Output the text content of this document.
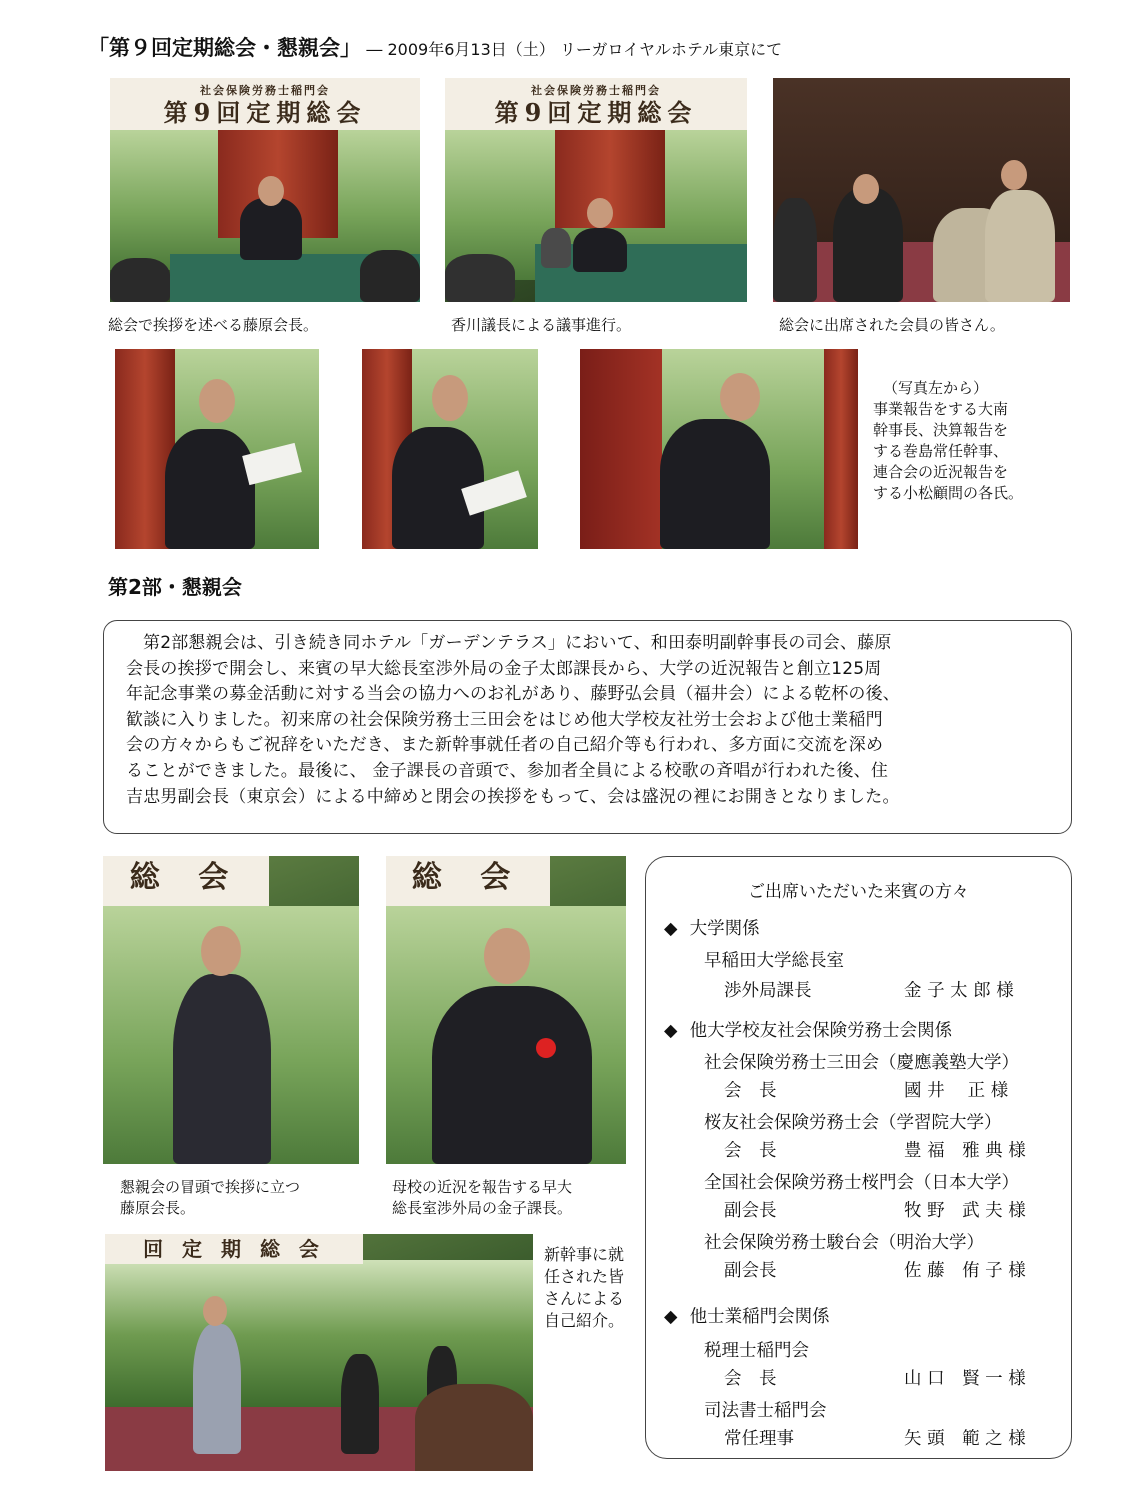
「第９回定期総会・懇親会」 ― 2009年6月13日（土） リーガロイヤルホテル東京にて
社会保険労務士稲門会
第9回定期総会
社会保険労務士稲門会
第9回定期総会
総会で挨拶を述べる藤原会長。	香川議長による議事進行。	総会に出席された会員の皆さん。
（写真左から）
事業報告をする大南
幹事長、決算報告を
する巻島常任幹事、
連合会の近況報告を
する小松顧問の各氏。
第2部・懇親会

第2部懇親会は、引き続き同ホテル「ガーデンテラス」において、和田泰明副幹事長の司会、藤原

会長の挨拶で開会し、来賓の早大総長室渉外局の金子太郎課長から、大学の近況報告と創立125周
年記念事業の募金活動に対する当会の協力へのお礼があり、藤野弘会員（福井会）による乾杯の後、
歓談に入りました。初来席の社会保険労務士三田会をはじめ他大学校友社労士会および他士業稲門
会の方々からもご祝辞をいただき、また新幹事就任者の自己紹介等も行われ、多方面に交流を深め
ることができました。最後に、 金子課長の音頭で、参加者全員による校歌の斉唱が行われた後、住
吉忠男副会長（東京会）による中締めと閉会の挨拶をもって、会は盛況の裡にお開きとなりました。
総 会	総 会
懇親会の冒頭で挨拶に立つ
藤原会長。
母校の近況を報告する早大
総長室渉外局の金子課長。
回 定 期 総 会	新幹事に就
任された皆
さんによる
自己紹介。
ご出席いただいた来賓の方々
◆ 大学関係
早稲田大学総長室
渉外局課長	金 子 太 郎 様
◆ 他大学校友社会保険労務士会関係
社会保険労務士三田会（慶應義塾大学）
会　長	國 井　 正 様
桜友社会保険労務士会（学習院大学）
会　長	豊 福　雅 典 様
全国社会保険労務士桜門会（日本大学）
副会長	牧 野　武 夫 様
社会保険労務士駿台会（明治大学）
副会長	佐 藤　侑 子 様
◆ 他士業稲門会関係
税理士稲門会
会　長	山 口　賢 一 様
司法書士稲門会
常任理事	矢 頭　範 之 様
